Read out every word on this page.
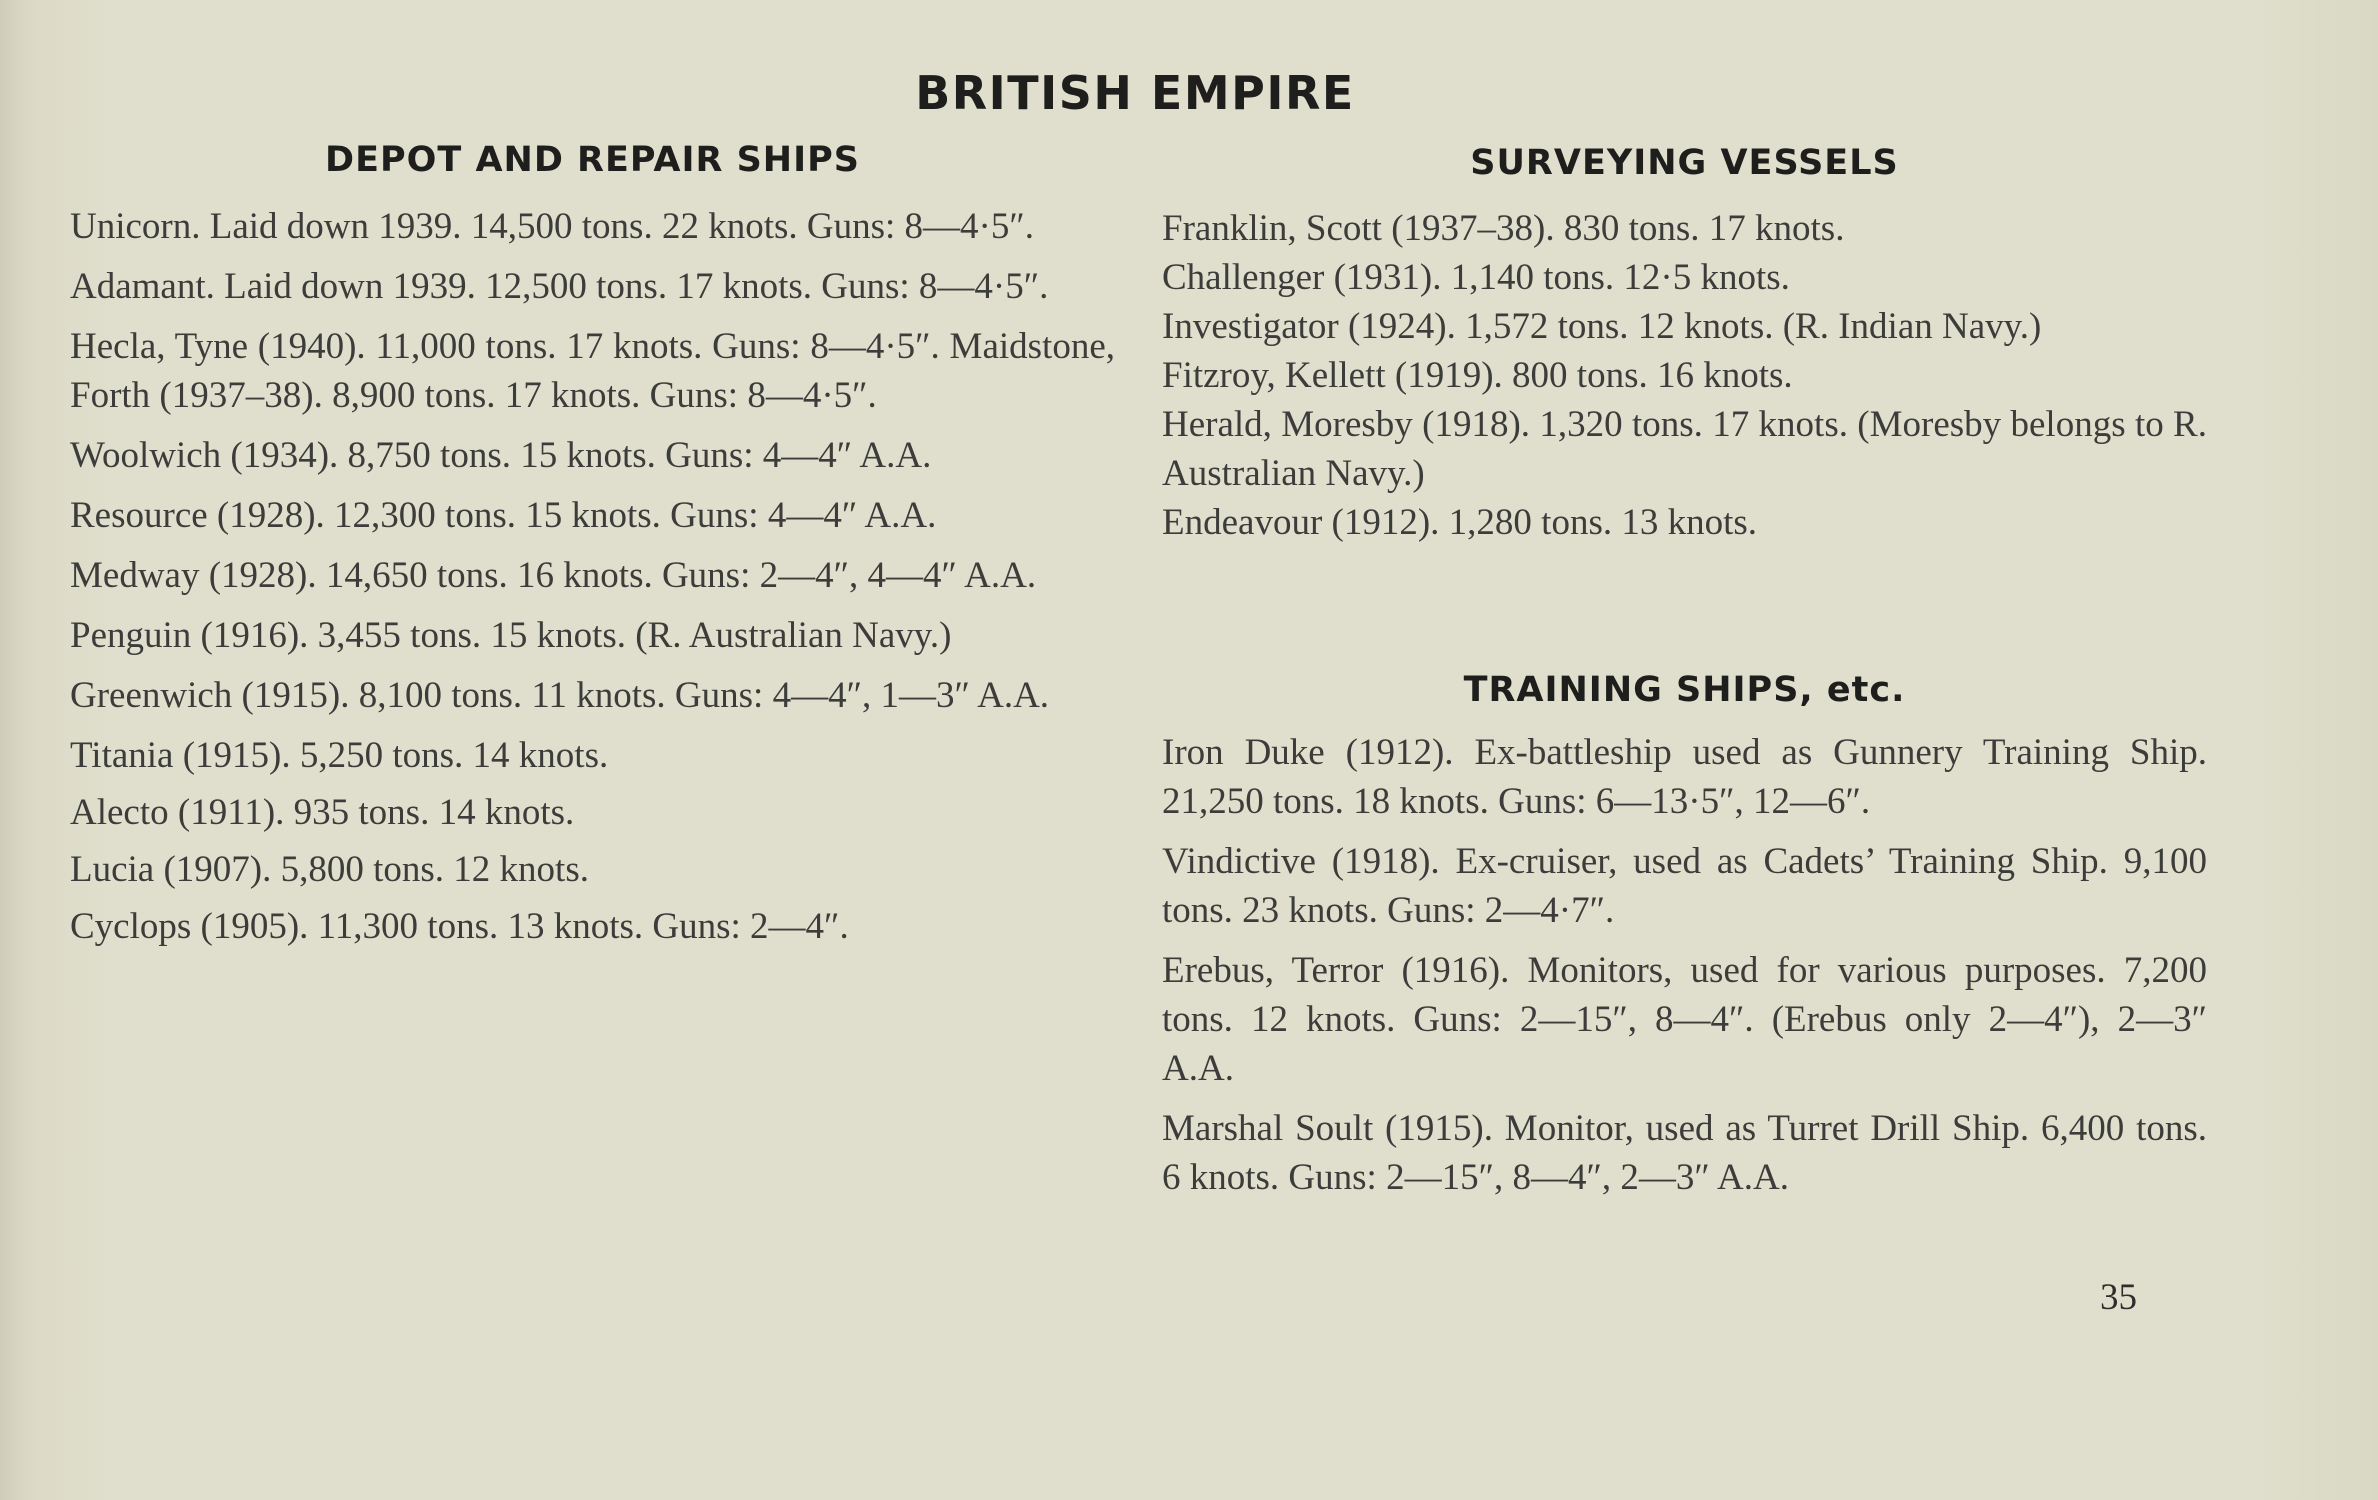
BRITISH EMPIRE
DEPOT AND REPAIR SHIPS	SURVEYING VESSELS

Unicorn. Laid down 1939. 14,500 tons. 22 knots. Guns: 8—4·5″.

Adamant. Laid down 1939. 12,500 tons. 17 knots. Guns: 8—4·5″.

Hecla, Tyne (1940). 11,000 tons. 17 knots. Guns: 8—4·5″. Maidstone, Forth (1937–38). 8,900 tons. 17 knots. Guns: 8—4·5″.

Woolwich (1934). 8,750 tons. 15 knots. Guns: 4—4″ A.A.

Resource (1928). 12,300 tons. 15 knots. Guns: 4—4″ A.A.

Medway (1928). 14,650 tons. 16 knots. Guns: 2—4″, 4—4″ A.A.

Penguin (1916). 3,455 tons. 15 knots. (R. Australian Navy.)

Greenwich (1915). 8,100 tons. 11 knots. Guns: 4—4″, 1—3″ A.A.

Titania (1915). 5,250 tons. 14 knots.

Alecto (1911). 935 tons. 14 knots.

Lucia (1907). 5,800 tons. 12 knots.

Cyclops (1905). 11,300 tons. 13 knots. Guns: 2—4″.

Franklin, Scott (1937–38). 830 tons. 17 knots.

Challenger (1931). 1,140 tons. 12·5 knots.

Investigator (1924). 1,572 tons. 12 knots. (R. Indian Navy.)

Fitzroy, Kellett (1919). 800 tons. 16 knots.

Herald, Moresby (1918). 1,320 tons. 17 knots. (Moresby belongs to R. Australian Navy.)

Endeavour (1912). 1,280 tons. 13 knots.

TRAINING SHIPS, etc.

Iron Duke (1912). Ex-battleship used as Gunnery Training Ship. 21,250 tons. 18 knots. Guns: 6—13·5″, 12—6″.

Vindictive (1918). Ex-cruiser, used as Cadets’ Training Ship. 9,100 tons. 23 knots. Guns: 2—4·7″.

Erebus, Terror (1916). Monitors, used for various purposes. 7,200 tons. 12 knots. Guns: 2—15″, 8—4″. (Erebus only 2—4″), 2—3″ A.A.

Marshal Soult (1915). Monitor, used as Turret Drill Ship. 6,400 tons. 6 knots. Guns: 2—15″, 8—4″, 2—3″ A.A.

35
